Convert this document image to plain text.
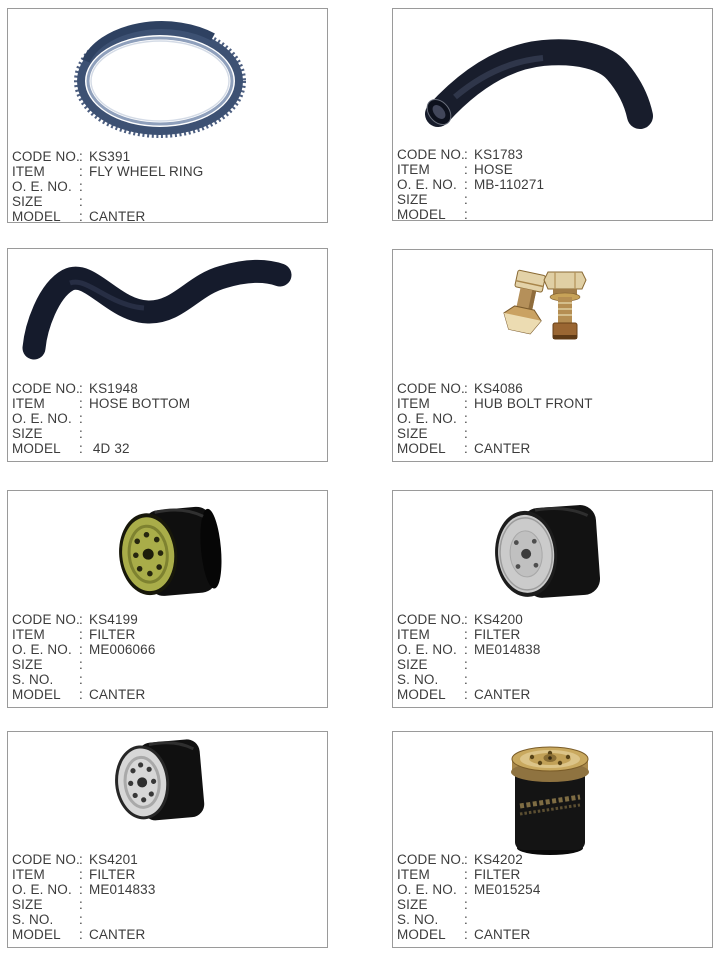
CODE NO. : KS391
ITEM	: FLY WHEEL RING
O. E. NO. :
SIZE	:
MODEL	: CANTER
CODE NO. : KS1783
ITEM	: HOSE
O. E. NO. : MB-110271
SIZE	:
MODEL	:
CODE NO. : KS1948
ITEM	: HOSE BOTTOM
O. E. NO. :
SIZE	:
MODEL	: 4D 32
CODE NO. : KS4086
ITEM	: HUB BOLT FRONT
O. E. NO. :
SIZE	:
MODEL	: CANTER
CODE NO. : KS4199
ITEM	: FILTER
O. E. NO. : ME006066
SIZE	:
S. NO.	:
MODEL	: CANTER
CODE NO. : KS4200
ITEM	: FILTER
O. E. NO. : ME014838
SIZE	:
S. NO.	:
MODEL	: CANTER
CODE NO. : KS4201
ITEM	: FILTER
O. E. NO. : ME014833
SIZE	:
S. NO.	:
MODEL	: CANTER
CODE NO. : KS4202
ITEM	: FILTER
O. E. NO. : ME015254
SIZE	:
S. NO.	:
MODEL	: CANTER
